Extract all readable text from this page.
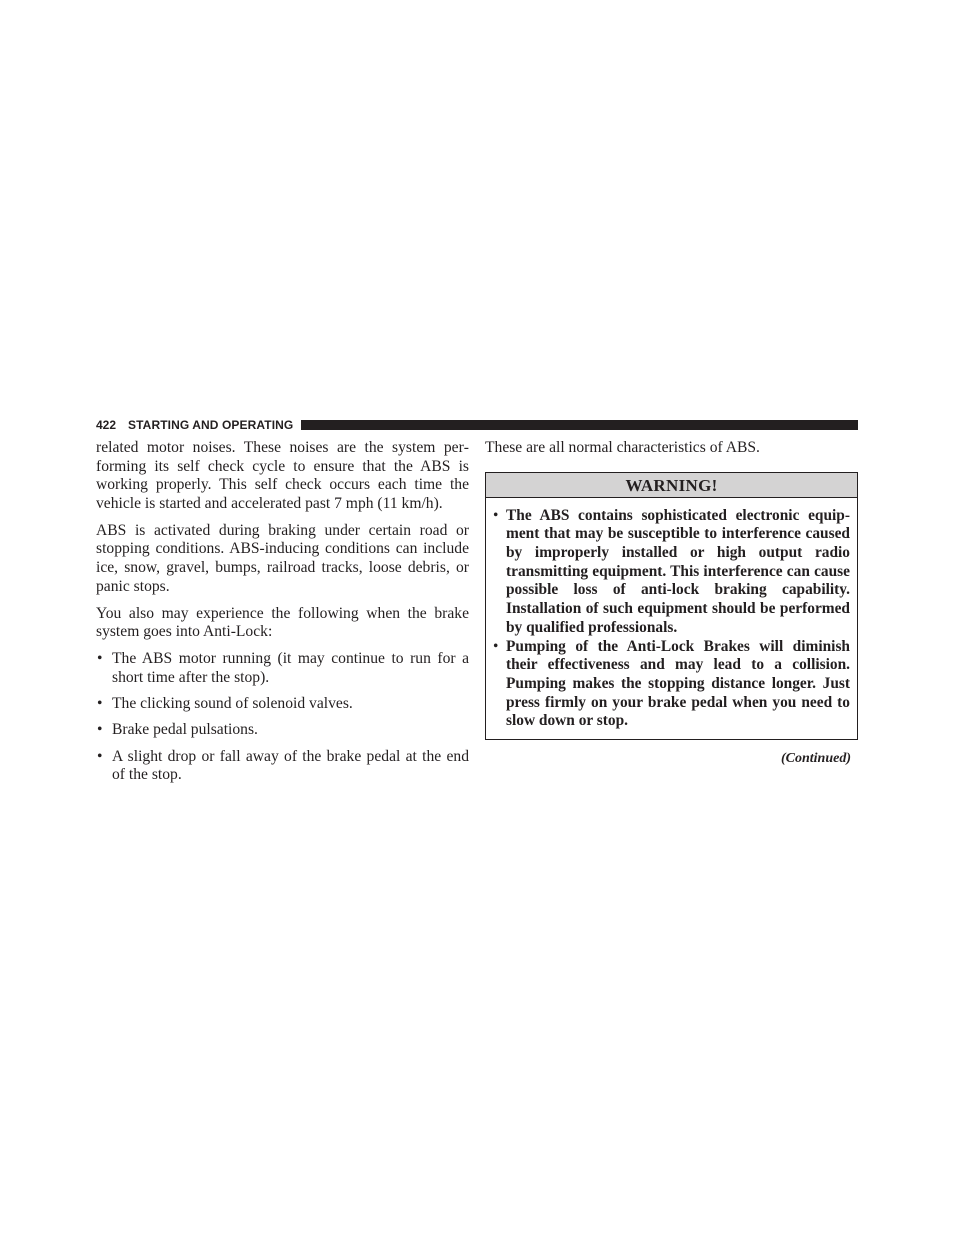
422 STARTING AND OPERATING

related motor noises. These noises are the system performing its self check cycle to ensure that the ABS is working properly. This self check occurs each time the vehicle is started and accelerated past 7 mph (11 km/h).

ABS is activated during braking under certain road or stopping conditions. ABS-inducing conditions can include ice, snow, gravel, bumps, railroad tracks, loose debris, or panic stops.

You also may experience the following when the brake system goes into Anti-Lock:

• The ABS motor running (it may continue to run for a short time after the stop).
• The clicking sound of solenoid valves.
• Brake pedal pulsations.
• A slight drop or fall away of the brake pedal at the end of the stop.

These are all normal characteristics of ABS.

WARNING!
• The ABS contains sophisticated electronic equipment that may be susceptible to interference caused by improperly installed or high output radio transmitting equipment. This interference can cause possible loss of anti-lock braking capability. Installation of such equipment should be performed by qualified professionals.
• Pumping of the Anti-Lock Brakes will diminish their effectiveness and may lead to a collision. Pumping makes the stopping distance longer. Just press firmly on your brake pedal when you need to slow down or stop.
(Continued)
